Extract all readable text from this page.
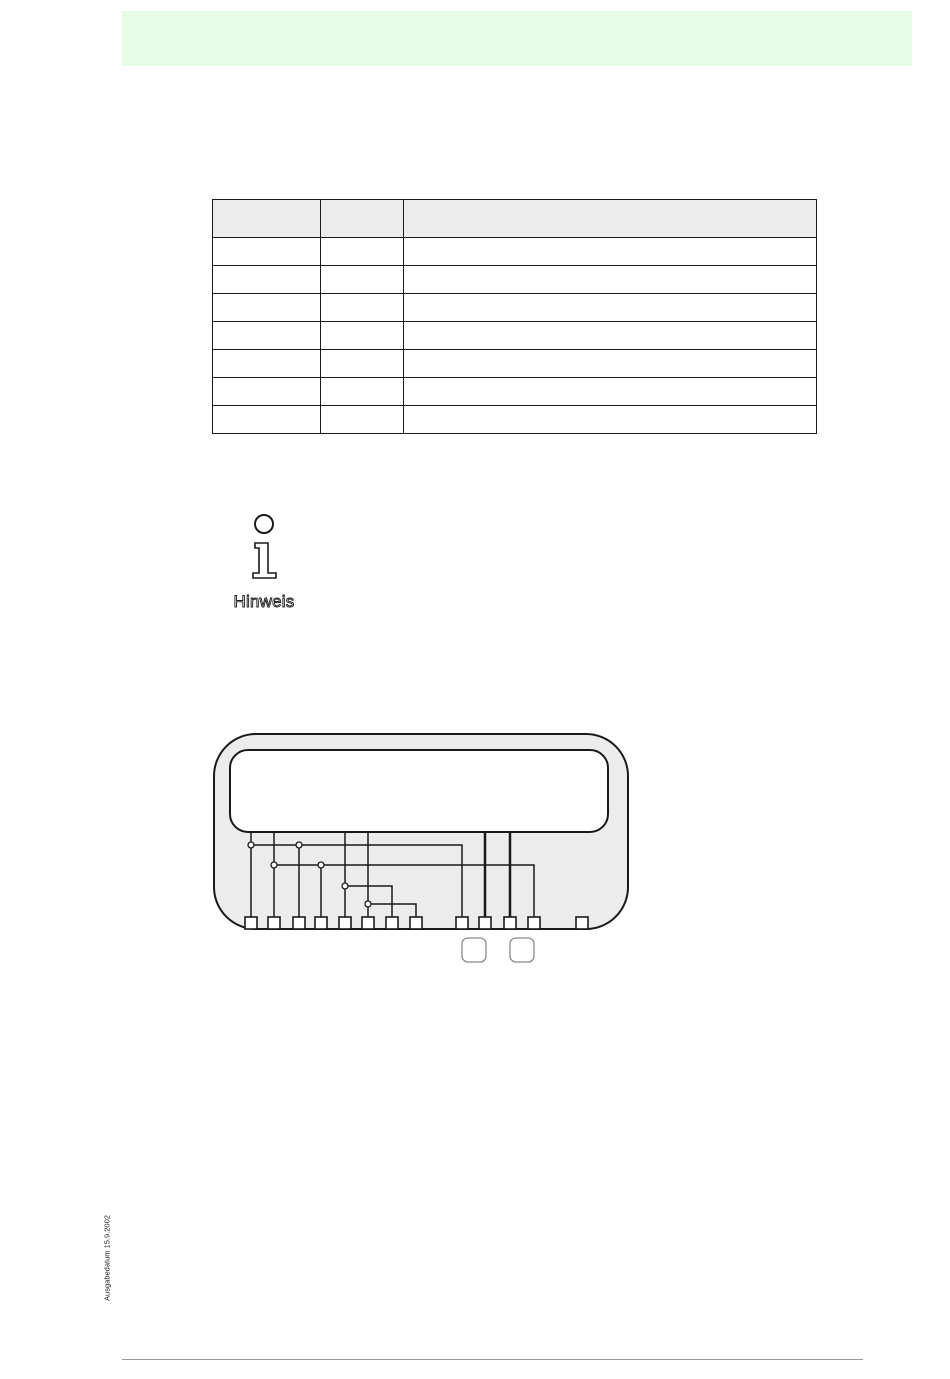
Hinweis
Ausgabedatum 15.9.2002
